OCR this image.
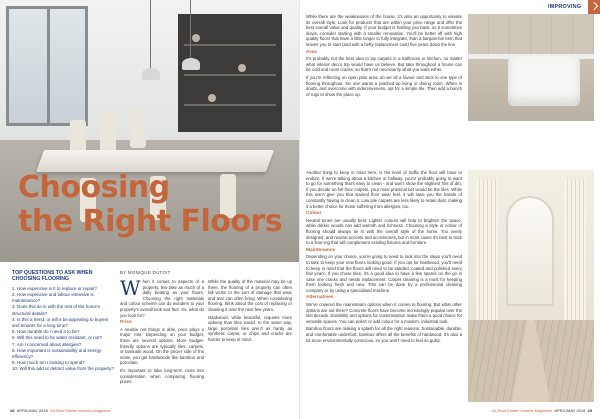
Choosing
the Right Floors
TOP QUESTIONS TO ASK WHEN CHOOSING FLOORING
1. How expensive is it to replace or repair?
2. How expensive and labour-intensive is maintenance?
3. Does this tie in with the rest of the home's structural details?
4. Is this a trend, or will it be appealing to buyers and tenants for a long time?
5. How durable do I need it to be?
6. Will this need to be water resistant, or not?
7. Am I concerned about allergies?
8. How important is sustainability and energy efficiency?
9. How much am I looking to spend?
10. Will this add or detract value from the property?
BY MONIQUE DUTOIT

When it comes to aspects of a property, few take as much of a daily beating as your floors. Choosing the right materials and colour scheme can do wonders to your property's overall look and feel. So, what do you look for?

Price

A newbie not things is able, price plays a major role. Depending on your budget, there are several options. More budget-friendly options are typically tiles, carpets, or laminate wood. On the pricier side of the scale, you get hardwoods like bamboo and porcelain.

It's important to take long-term costs into consideration when comparing flooring prices.

While the quality of the material may be up there, the flooring of a property can often fall victim to the sort of damage that wear and tear can often bring. When considering flooring, think about the cost of replacing or cleaning it over the next few years.

Hardwood, while beautiful, requires more upkeep than tiles would. In the same way, large porcelain tiles aren't as hardy as synthetic carpet, or chips and cracks are harder to keep in mind.

28 APRIL/MAY 2018 SA Real Estate Investor Magazine
IMPROVING

While there are the weaknesses of the house, it's also an opportunity to elevate its overall style. Look for products that are within your price range and offer the best overall value and quality. If your budget is holding you back, so it sometimes slows, consider starting with a smaller renovation. You'll be better off with high quality floors that have a little longer to fully integrate, than a bargain-bin item that leaves you to start (and with a hefty replacement cost) five years down the line.

Area

It's probably not the best idea to lay carpets in a bathroom or kitchen, no matter what interior decor trip would have us believe. But take throughout a house can be cold and room cracks, so that's not necessarily what you want either.

If you're reflecting on open plan area, do we all a favour and stick to one type of flooring throughout. No one wants a patched-up living or dining room. When in doubt, and overcome with indecisiveness, opt for a simple tile. Then add a bunch of rugs to show the place up.

Another thing to keep in mind here, is the level of traffic the floor will have to endure. If we're talking about a kitchen or hallway, you're probably going to want to go for something that's easy to clean - and won't show the slightest hint of dirt. If you decide on full floor carpets, your most practical bet would be the tiles. While this won't give you that stained floor wear feel, it will save you the hassle of constantly having to clean it. Low pile carpets are less likely to retain dust, making it a better choice for those suffering from allergies, too.

Colour

Neutral tones are usually best. Lighter colours will help to brighten the space, while darker woods can add warmth and richness. Choosing a style or colour of flooring should always tie in with the overall style of the home. Too overly designed, and neutral accents and accessories, but in most cases it's best to stick to a floor-ing that will complement existing fixtures and furniture.

Maintenance

Depending on your choice, you're going to need to look into the steps you'll need to take to keep your new floors looking good. If you opt for hardwood, you'll need to keep in mind that the floors will need to be sanded, coated and polished every few years. If you chose tiles, it's a good idea to have a few spares on the go in case one cracks and needs replacement. Carpet cleaning is a must for keeping them looking fresh and new. This can be done by a professional cleaning company or by using a specialised machine.

Alternatives

We've covered the mainstream options when it comes to flooring. But what other options are out there? Concrete floors have become increasingly popular over the last decade. Durability and options for customisation make them a good choice for versatile spaces. You can polish or add colour for a modern, industrial look.

Bamboo floors are making a splash for all the right reasons. Sustainable, durable, and comfortable underfoot, bamboo offers all the benefits of hardwood. It's also a lot more environmentally conscious, so you won't need to feel so guilty.

SA Real Estate Investor Magazine APRIL/MAY 2018 29
